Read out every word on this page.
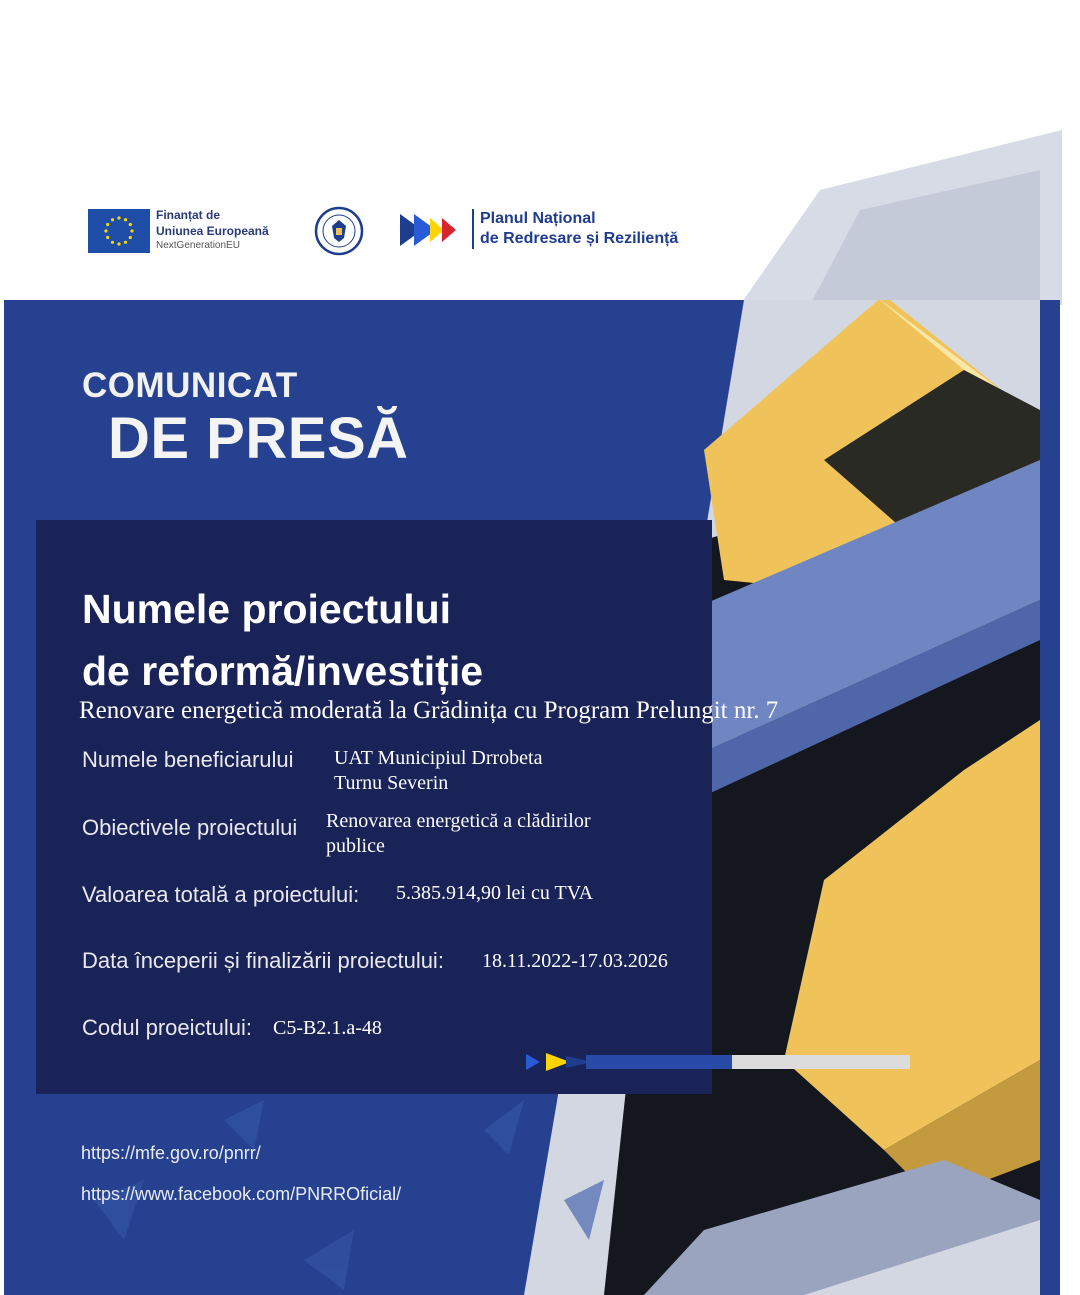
Finanțat de
Uniunea Europeană
NextGenerationEU
Planul Național
de Redresare și Reziliență
COMUNICAT
DE PRESĂ
Numele proiectului
de reformă/investiție
Renovare energetică moderată la Grădinița cu Program Prelungit nr. 7
Numele beneficiarului UAT Municipiul Drrobeta
Turnu Severin
Obiectivele proiectului Renovarea energetică a clădirilor
publice
Valoarea totală a proiectului: 5.385.914,90 lei cu TVA
Data începerii și finalizării proiectului: 18.11.2022-17.03.2026
Codul proeictului: C5-B2.1.a-48
https://mfe.gov.ro/pnrr/
https://www.facebook.com/PNRROficial/
